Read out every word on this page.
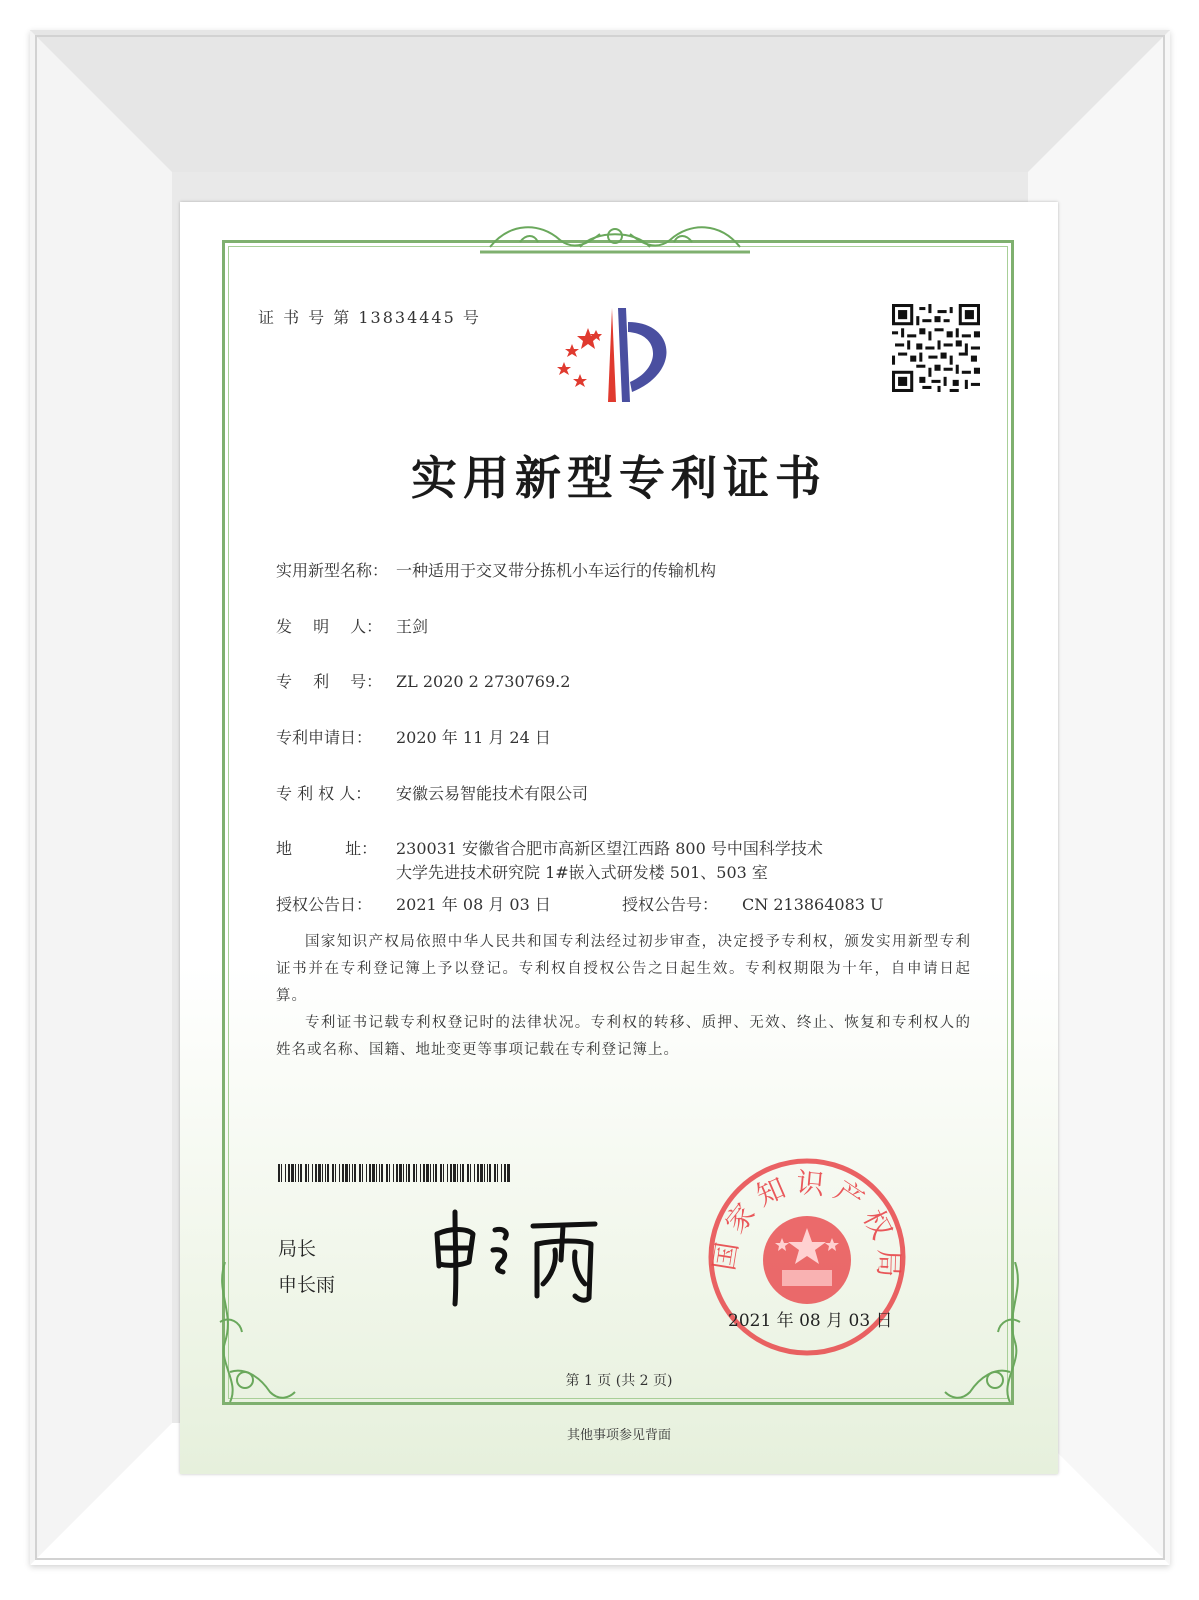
证 书 号 第 13834445 号
实用新型专利证书
实用新型名称： 一种适用于交叉带分拣机小车运行的传输机构
发　 明　 人： 王剑
专　 利　 号： ZL 2020 2 2730769.2
专利申请日： 2020 年 11 月 24 日
专 利 权 人： 安徽云易智能技术有限公司
地　　　 址： 230031 安徽省合肥市高新区望江西路 800 号中国科学技术
大学先进技术研究院 1#嵌入式研发楼 501、503 室
授权公告日： 2021 年 08 月 03 日	授权公告号： CN 213864083 U
国家知识产权局依照中华人民共和国专利法经过初步审查，决定授予专利权，颁发实用新型专利证书并在专利登记簿上予以登记。专利权自授权公告之日起生效。专利权期限为十年，自申请日起算。
专利证书记载专利权登记时的法律状况。专利权的转移、质押、无效、终止、恢复和专利权人的姓名或名称、国籍、地址变更等事项记载在专利登记簿上。
局长
申长雨
国家知识产权局
2021 年 08 月 03 日
第 1 页 (共 2 页)
其他事项参见背面
